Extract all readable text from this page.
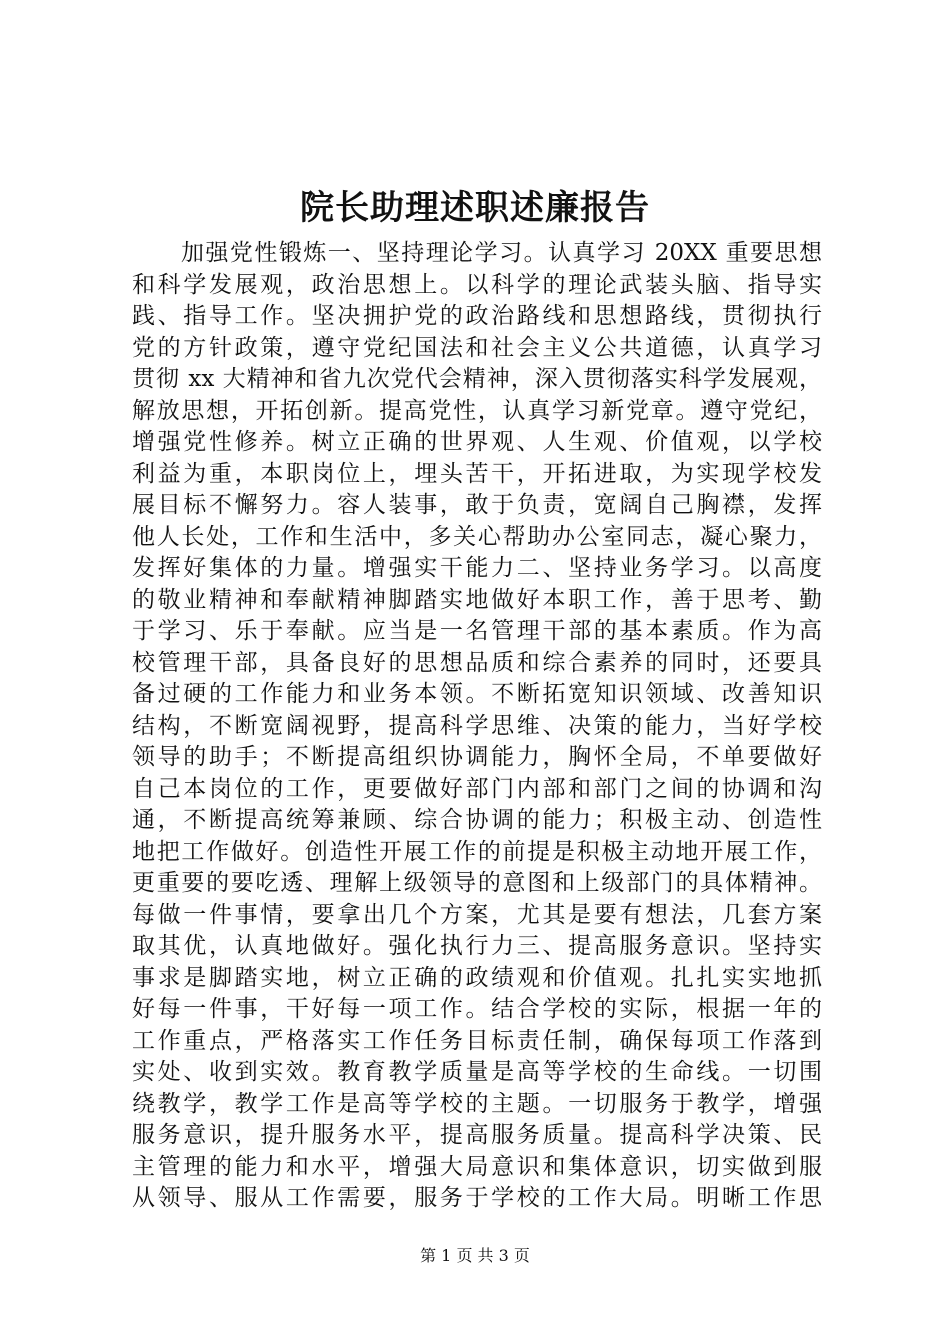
院长助理述职述廉报告
　　加强党性锻炼一、坚持理论学习。认真学习 20XX 重要思想
和科学发展观，政治思想上。以科学的理论武装头脑、指导实
践、指导工作。坚决拥护党的政治路线和思想路线，贯彻执行
党的方针政策，遵守党纪国法和社会主义公共道德，认真学习
贯彻 xx 大精神和省九次党代会精神，深入贯彻落实科学发展观，
解放思想，开拓创新。提高党性，认真学习新党章。遵守党纪，
增强党性修养。树立正确的世界观、人生观、价值观，以学校
利益为重，本职岗位上，埋头苦干，开拓进取，为实现学校发
展目标不懈努力。容人装事，敢于负责，宽阔自己胸襟，发挥
他人长处，工作和生活中，多关心帮助办公室同志，凝心聚力，
发挥好集体的力量。增强实干能力二、坚持业务学习。以高度
的敬业精神和奉献精神脚踏实地做好本职工作，善于思考、勤
于学习、乐于奉献。应当是一名管理干部的基本素质。作为高
校管理干部，具备良好的思想品质和综合素养的同时，还要具
备过硬的工作能力和业务本领。不断拓宽知识领域、改善知识
结构，不断宽阔视野，提高科学思维、决策的能力，当好学校
领导的助手；不断提高组织协调能力，胸怀全局，不单要做好
自己本岗位的工作，更要做好部门内部和部门之间的协调和沟
通，不断提高统筹兼顾、综合协调的能力；积极主动、创造性
地把工作做好。创造性开展工作的前提是积极主动地开展工作，
更重要的要吃透、理解上级领导的意图和上级部门的具体精神。
每做一件事情，要拿出几个方案，尤其是要有想法，几套方案
取其优，认真地做好。强化执行力三、提高服务意识。坚持实
事求是脚踏实地，树立正确的政绩观和价值观。扎扎实实地抓
好每一件事，干好每一项工作。结合学校的实际，根据一年的
工作重点，严格落实工作任务目标责任制，确保每项工作落到
实处、收到实效。教育教学质量是高等学校的生命线。一切围
绕教学，教学工作是高等学校的主题。一切服务于教学，增强
服务意识，提升服务水平，提高服务质量。提高科学决策、民
主管理的能力和水平，增强大局意识和集体意识，切实做到服
从领导、服从工作需要，服务于学校的工作大局。明晰工作思
第 1 页 共 3 页
